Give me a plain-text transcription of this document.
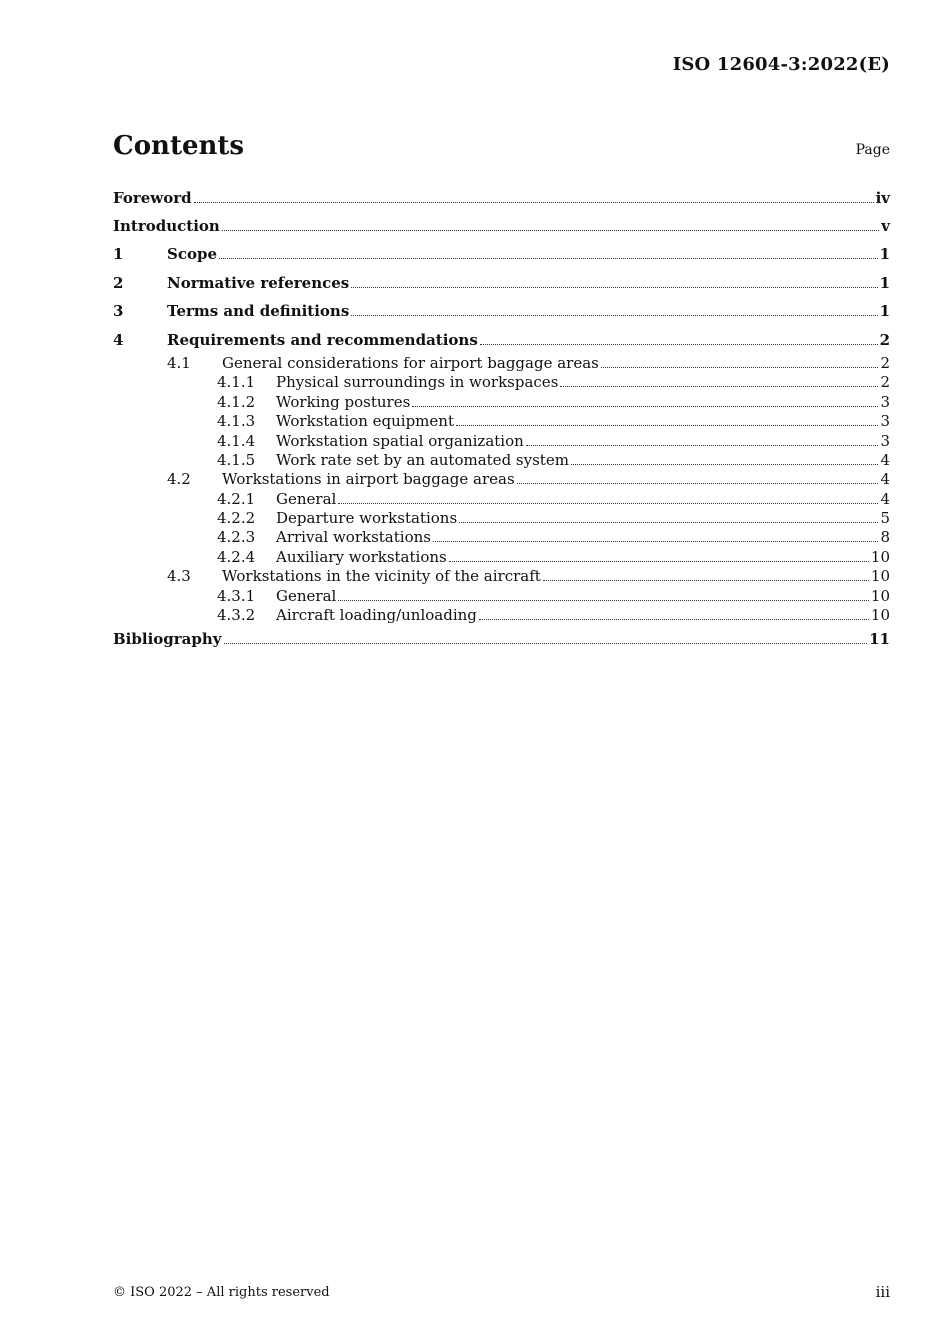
ISO 12604-3:2022(E)
Contents	Page
Foreword	iv
Introduction	v
1	Scope	1
2	Normative references	1
3	Terms and definitions	1
4	Requirements and recommendations	2
4.1	General considerations for airport baggage areas	2
4.1.1	Physical surroundings in workspaces	2
4.1.2	Working postures	3
4.1.3	Workstation equipment	3
4.1.4	Workstation spatial organization	3
4.1.5	Work rate set by an automated system	4
4.2	Workstations in airport baggage areas	4
4.2.1	General	4
4.2.2	Departure workstations	5
4.2.3	Arrival workstations	8
4.2.4	Auxiliary workstations	10
4.3	Workstations in the vicinity of the aircraft	10
4.3.1	General	10
4.3.2	Aircraft loading/unloading	10
Bibliography	11
© ISO 2022 – All rights reserved	iii
